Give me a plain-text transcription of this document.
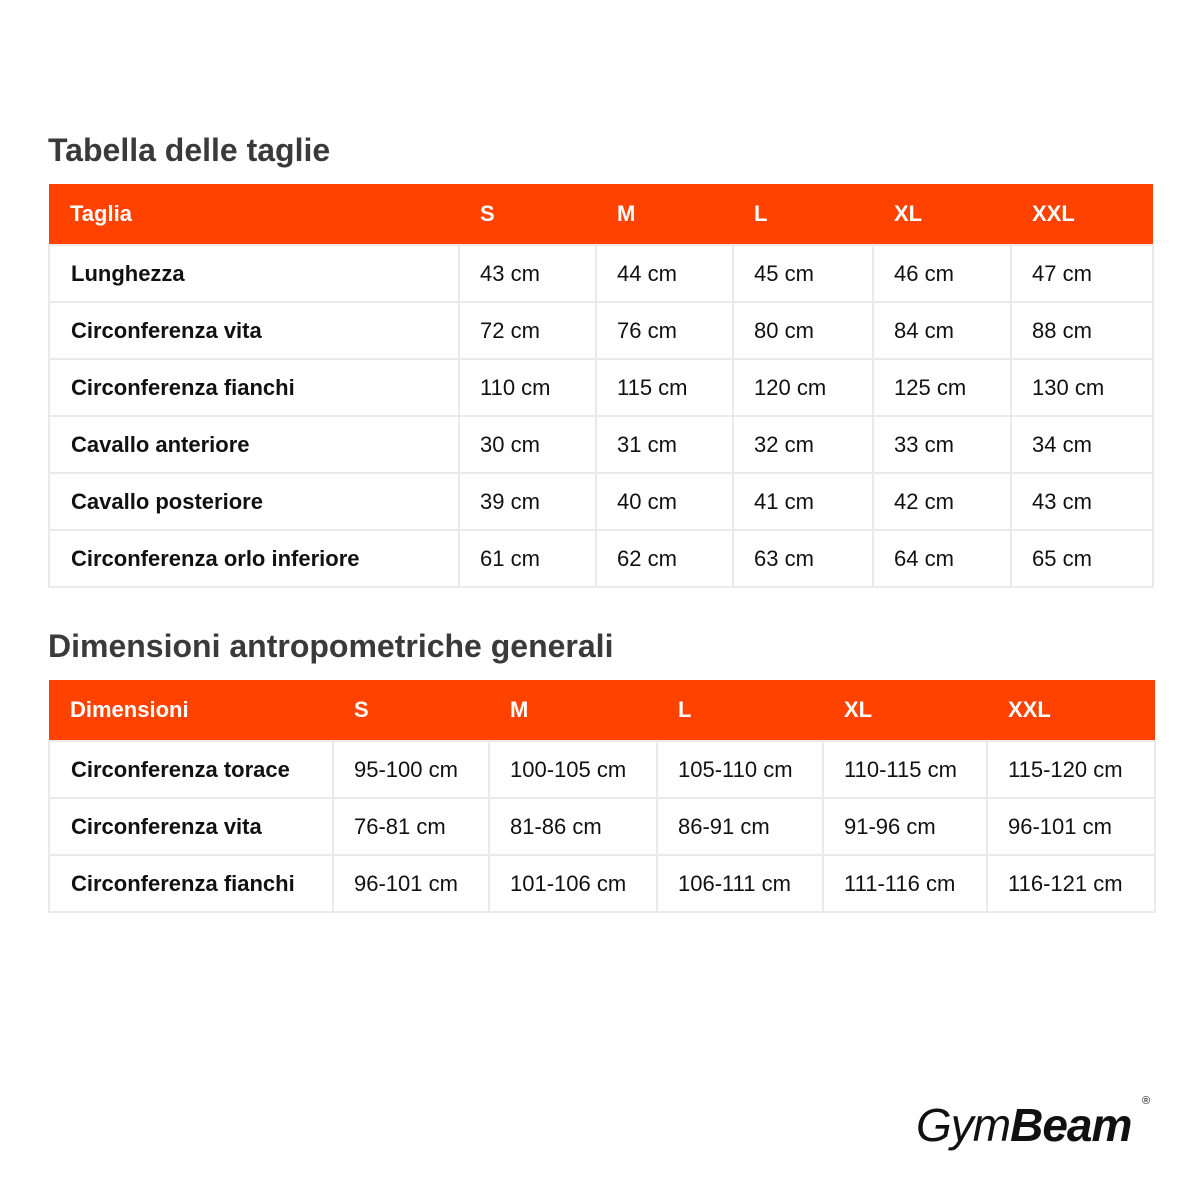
Tabella delle taglie
Taglia	S	M	L	XL	XXL
Lunghezza	43 cm	44 cm	45 cm	46 cm	47 cm
Circonferenza vita	72 cm	76 cm	80 cm	84 cm	88 cm
Circonferenza fianchi	110 cm	115 cm	120 cm	125 cm	130 cm
Cavallo anteriore	30 cm	31 cm	32 cm	33 cm	34 cm
Cavallo posteriore	39 cm	40 cm	41 cm	42 cm	43 cm
Circonferenza orlo inferiore	61 cm	62 cm	63 cm	64 cm	65 cm
Dimensioni antropometriche generali
Dimensioni	S	M	L	XL	XXL
Circonferenza torace	95-100 cm	100-105 cm	105-110 cm	110-115 cm	115-120 cm
Circonferenza vita	76-81 cm	81-86 cm	86-91 cm	91-96 cm	96-101 cm
Circonferenza fianchi	96-101 cm	101-106 cm	106-111 cm	111-116 cm	116-121 cm
GymBeam ®
